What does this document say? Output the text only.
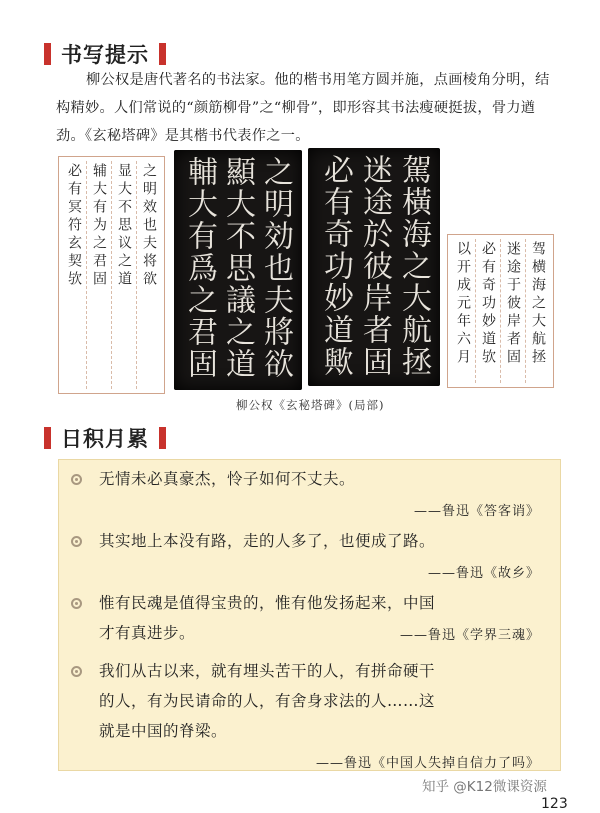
书写提示

柳公权是唐代著名的书法家。他的楷书用笔方圆并施，点画棱角分明，结构精妙。人们常说的“颜筋柳骨”之“柳骨”，即形容其书法瘦硬挺拔，骨力遒劲。《玄秘塔碑》是其楷书代表作之一。

之明效也夫将欲
显大不思议之道
辅大有为之君固
必有冥符玄契欤	之明効也夫將欲
顯大不思議之道
輔大有爲之君固	駕橫海之大航拯
迷途於彼岸者固
必有奇功妙道歟	驾横海之大航拯
迷途于彼岸者固
必有奇功妙道欤
以开成元年六月
柳公权《玄秘塔碑》(局部)
日积月累
无情未必真豪杰，怜子如何不丈夫。
——鲁迅《答客诮》
其实地上本没有路，走的人多了，也便成了路。
——鲁迅《故乡》
惟有民魂是值得宝贵的，惟有他发扬起来，中国
才有真进步。	——鲁迅《学界三魂》
我们从古以来，就有埋头苦干的人，有拼命硬干
的人，有为民请命的人，有舍身求法的人……这
就是中国的脊梁。
——鲁迅《中国人失掉自信力了吗》
知乎 @K12微课资源
123
